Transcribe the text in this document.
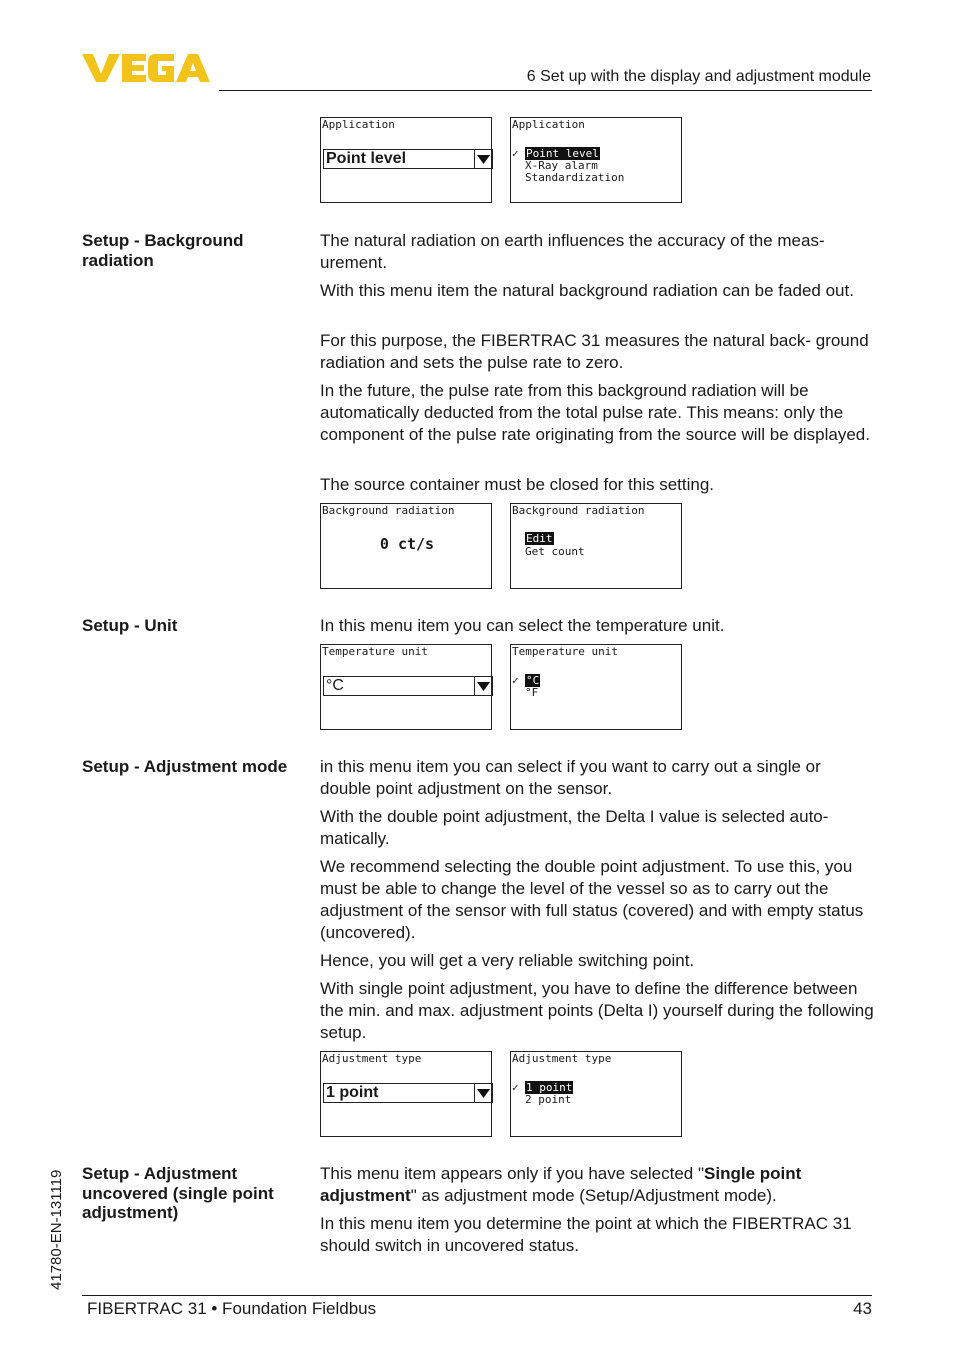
6 Set up with the display and adjustment module
Application
Point level
Application
✓ Point level
X-Ray alarm
Standardization
Setup - Background radiation
The natural radiation on earth influences the accuracy of the meas- urement.
With this menu item the natural background radiation can be faded out.
For this purpose, the FIBERTRAC 31 measures the natural back- ground radiation and sets the pulse rate to zero.
In the future, the pulse rate from this background radiation will be automatically deducted from the total pulse rate. This means: only the component of the pulse rate originating from the source will be displayed.
The source container must be closed for this setting.
Background radiation
0 ct/s
Background radiation
Edit
Get count
Setup - Unit	In this menu item you can select the temperature unit.
Temperature unit
°C
Temperature unit
✓ °C
°F
Setup - Adjustment mode	in this menu item you can select if you want to carry out a single or double point adjustment on the sensor.
With the double point adjustment, the Delta I value is selected auto- matically.
We recommend selecting the double point adjustment. To use this, you must be able to change the level of the vessel so as to carry out the adjustment of the sensor with full status (covered) and with empty status (uncovered).
Hence, you will get a very reliable switching point.
With single point adjustment, you have to define the difference between the min. and max. adjustment points (Delta I) yourself during the following setup.
Adjustment type
1 point
Adjustment type
✓ 1 point
2 point
Setup - Adjustment uncovered (single point adjustment)
This menu item appears only if you have selected "Single point adjustment" as adjustment mode (Setup/Adjustment mode).
In this menu item you determine the point at which the FIBERTRAC 31 should switch in uncovered status.
41780-EN-131119
FIBERTRAC 31 • Foundation Fieldbus	43
